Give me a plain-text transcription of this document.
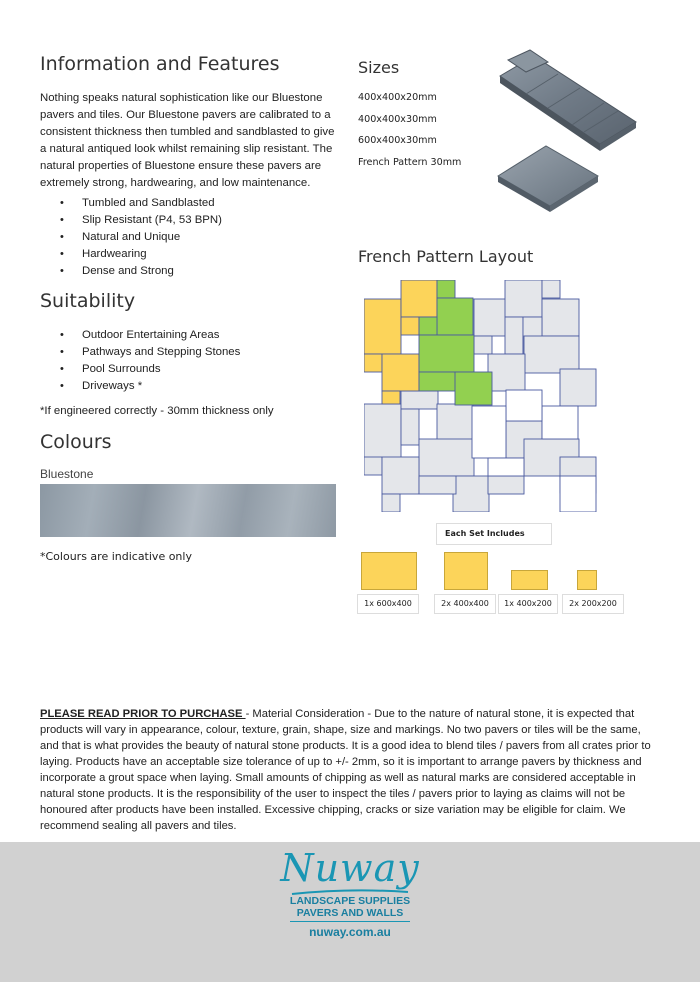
Information and Features
Nothing speaks natural sophistication like our Bluestone
pavers and tiles. Our Bluestone pavers are calibrated to a
consistent thickness then tumbled and sandblasted to give
a natural antiqued look whilst remaining slip resistant. The
natural properties of Bluestone ensure these pavers are
extremely strong, hardwearing, and low maintenance.
• Tumbled and Sandblasted
• Slip Resistant (P4, 53 BPN)
• Natural and Unique
• Hardwearing
• Dense and Strong
Suitability
• Outdoor Entertaining Areas
• Pathways and Stepping Stones
• Pool Surrounds
• Driveways *
*If engineered correctly - 30mm thickness only
Colours
Bluestone
*Colours are indicative only
Sizes
400x400x20mm
400x400x30mm
600x400x30mm
French Pattern 30mm
French Pattern Layout
Each Set Includes
1x 600x400	2x 400x400	1x 400x200	2x 200x200
PLEASE READ PRIOR TO PURCHASE - Material Consideration - Due to the nature of natural stone, it is expected that
products will vary in appearance, colour, texture, grain, shape, size and markings. No two pavers or tiles will be the same,
and that is what provides the beauty of natural stone products. It is a good idea to blend tiles / pavers from all crates prior to
laying. Products have an acceptable size tolerance of up to +/- 2mm, so it is important to arrange pavers by thickness and
incorporate a grout space when laying. Small amounts of chipping as well as natural marks are considered acceptable in
natural stone products. It is the responsibility of the user to inspect the tiles / pavers prior to laying as claims will not be
honoured after products have been installed. Excessive chipping, cracks or size variation may be eligible for claim. We
recommend sealing all pavers and tiles.
Nuway
LANDSCAPE SUPPLIES
PAVERS AND WALLS
nuway.com.au
